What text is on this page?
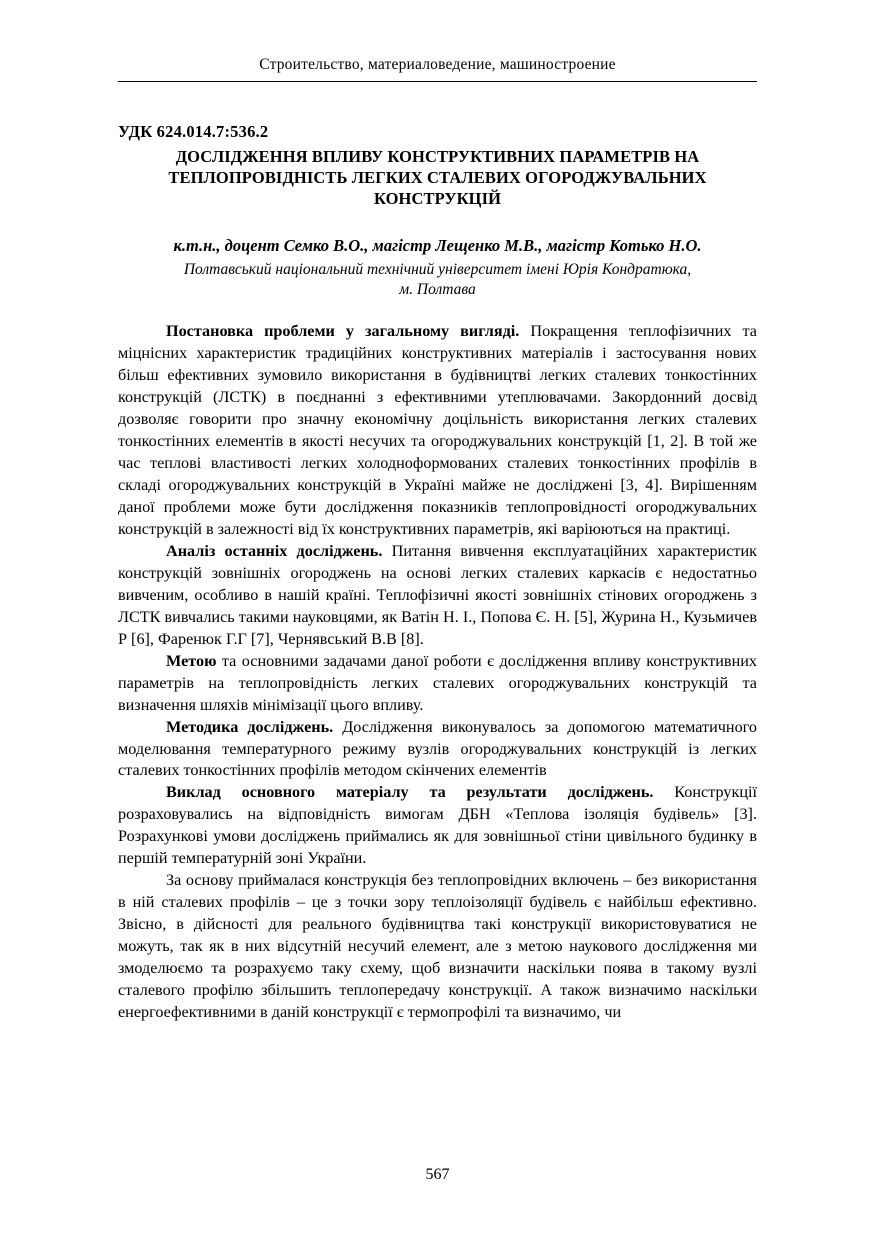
Строительство, материаловедение, машиностроение
УДК 624.014.7:536.2
ДОСЛІДЖЕННЯ ВПЛИВУ КОНСТРУКТИВНИХ ПАРАМЕТРІВ НА ТЕПЛОПРОВІДНІСТЬ ЛЕГКИХ СТАЛЕВИХ ОГОРОДЖУВАЛЬНИХ КОНСТРУКЦІЙ
к.т.н., доцент Семко В.О., магістр Лещенко М.В., магістр Котько Н.О.
Полтавський національний технічний університет імені Юрія Кондратюка,
м. Полтава

Постановка проблеми у загальному вигляді. Покращення теплофізичних та міцнісних характеристик традиційних конструктивних матеріалів і застосування нових більш ефективних зумовило використання в будівництві легких сталевих тонкостінних конструкцій (ЛСТК) в поєднанні з ефективними утеплювачами. Закордонний досвід дозволяє говорити про значну економічну доцільність використання легких сталевих тонкостінних елементів в якості несучих та огороджувальних конструкцій [1, 2]. В той же час теплові властивості легких холодноформованих сталевих тонкостінних профілів в складі огороджувальних конструкцій в Україні майже не досліджені [3, 4]. Вирішенням даної проблеми може бути дослідження показників теплопровідності огороджувальних конструкцій в залежності від їх конструктивних параметрів, які варіюються на практиці.

Аналіз останніх досліджень. Питання вивчення експлуатаційних характеристик конструкцій зовнішніх огороджень на основі легких сталевих каркасів є недостатньо вивченим, особливо в нашій країні. Теплофізичні якості зовнішніх стінових огороджень з ЛСТК вивчались такими науковцями, як Ватін Н. І., Попова Є. Н. [5], Журина Н., Кузьмичев Р [6], Фаренюк Г.Г [7], Чернявський В.В [8].

Метою та основними задачами даної роботи є дослідження впливу конструктивних параметрів на теплопровідність легких сталевих огороджувальних конструкцій та визначення шляхів мінімізації цього впливу.

Методика досліджень. Дослідження виконувалось за допомогою математичного моделювання температурного режиму вузлів огороджувальних конструкцій із легких сталевих тонкостінних профілів методом скінчених елементів

Виклад основного матеріалу та результати досліджень. Конструкції розраховувались на відповідність вимогам ДБН «Теплова ізоляція будівель» [3]. Розрахункові умови досліджень приймались як для зовнішньої стіни цивільного будинку в першій температурній зоні України.

За основу приймалася конструкція без теплопровідних включень – без використання в ній сталевих профілів – це з точки зору теплоізоляції будівель є найбільш ефективно. Звісно, в дійсності для реального будівництва такі конструкції використовуватися не можуть, так як в них відсутній несучий елемент, але з метою наукового дослідження ми змоделюємо та розрахуємо таку схему, щоб визначити наскільки поява в такому вузлі сталевого профілю збільшить теплопередачу конструкції. А також визначимо наскільки енергоефективними в даній конструкції є термопрофілі та визначимо, чи

567
